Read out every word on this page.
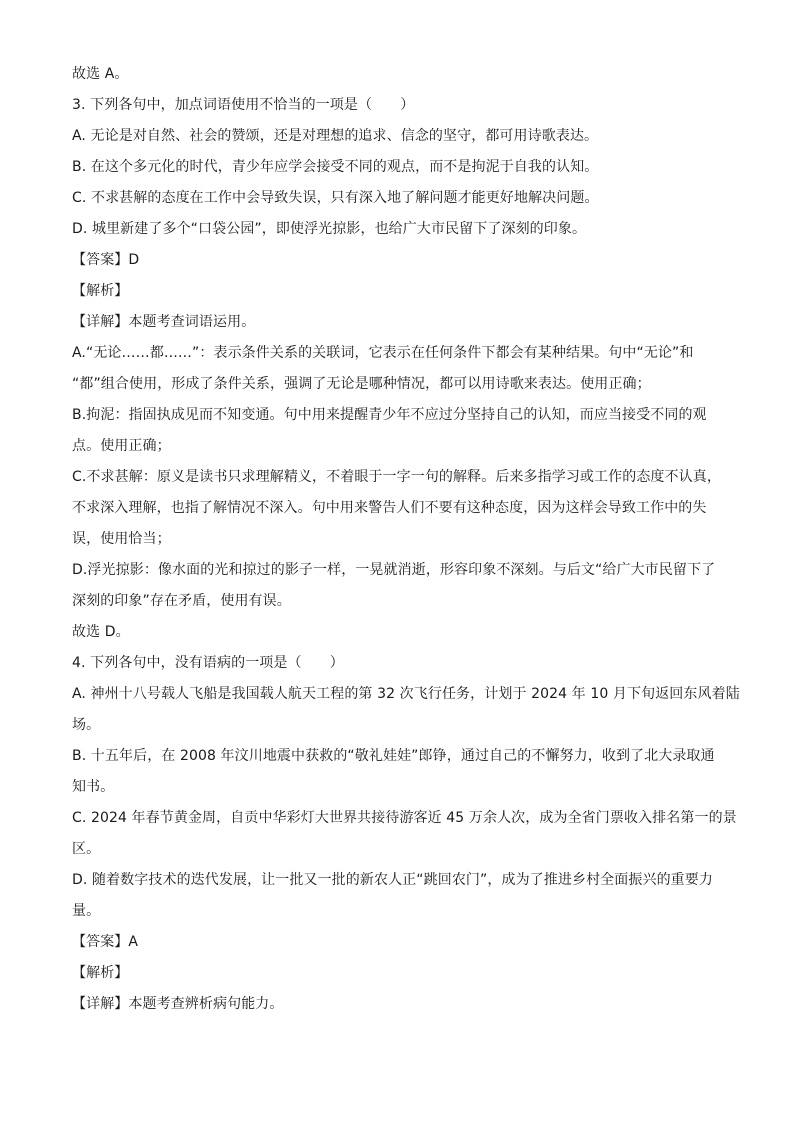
故选 A。
3. 下列各句中，加点词语使用不恰当的一项是（　　）
A. 无论是对自然、社会的赞颂，还是对理想的追求、信念的坚守，都可用诗歌表达。
B. 在这个多元化的时代，青少年应学会接受不同的观点，而不是拘泥于自我的认知。
C. 不求甚解的态度在工作中会导致失误，只有深入地了解问题才能更好地解决问题。
D. 城里新建了多个“口袋公园”，即使浮光掠影，也给广大市民留下了深刻的印象。
【答案】D
【解析】
【详解】本题考查词语运用。
A.“无论……都……”：表示条件关系的关联词，它表示在任何条件下都会有某种结果。句中“无论”和
“都”组合使用，形成了条件关系，强调了无论是哪种情况，都可以用诗歌来表达。使用正确；
B.拘泥：指固执成见而不知变通。句中用来提醒青少年不应过分坚持自己的认知，而应当接受不同的观
点。使用正确；
C.不求甚解：原义是读书只求理解精义，不着眼于一字一句的解释。后来多指学习或工作的态度不认真，
不求深入理解，也指了解情况不深入。句中用来警告人们不要有这种态度，因为这样会导致工作中的失
误，使用恰当；
D.浮光掠影：像水面的光和掠过的影子一样，一晃就消逝，形容印象不深刻。与后文“给广大市民留下了
深刻的印象”存在矛盾，使用有误。
故选 D。
4. 下列各句中，没有语病的一项是（　　）
A. 神州十八号载人飞船是我国载人航天工程的第 32 次飞行任务，计划于 2024 年 10 月下旬返回东风着陆
场。
B. 十五年后，在 2008 年汶川地震中获救的“敬礼娃娃”郎铮，通过自己的不懈努力，收到了北大录取通
知书。
C. 2024 年春节黄金周，自贡中华彩灯大世界共接待游客近 45 万余人次，成为全省门票收入排名第一的景
区。
D. 随着数字技术的迭代发展，让一批又一批的新农人正“跳回农门”，成为了推进乡村全面振兴的重要力
量。
【答案】A
【解析】
【详解】本题考查辨析病句能力。
